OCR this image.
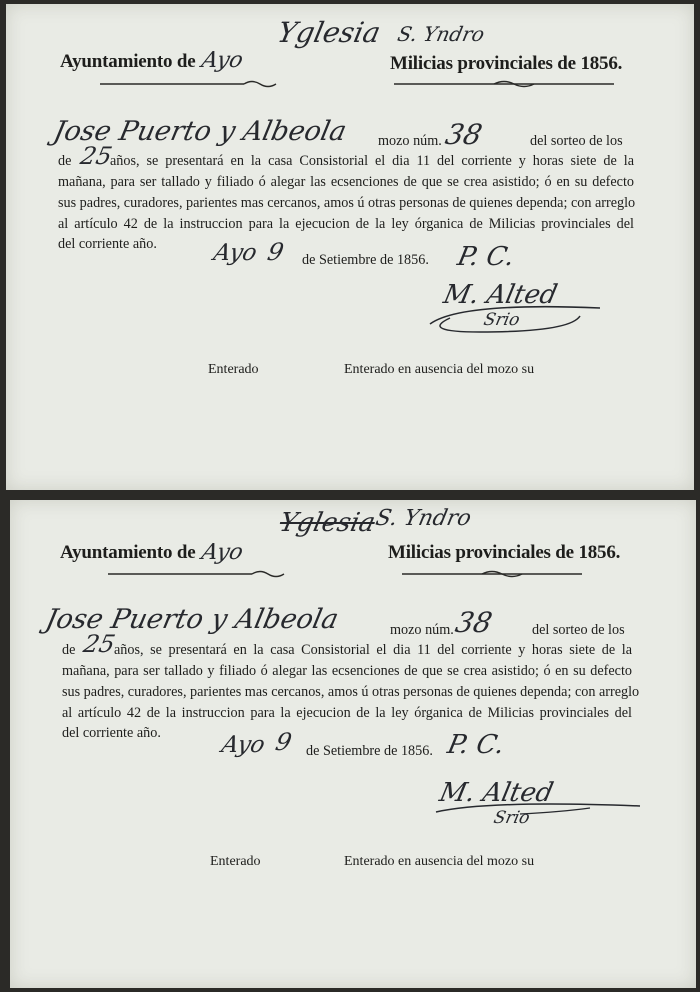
Ayuntamiento de Ayo
Yglesia S. Yndro
Milicias provinciales de 1856.
Jose Puerto y Albeola mozo núm. 38	del sorteo de los
de 25
años, se presentará en la casa Consistorial el dia 11 del corriente y horas siete de la
mañana, para ser tallado y filiado ó alegar las ecsenciones de que se crea asistido; ó en su defecto
sus padres, curadores, parientes mas cercanos, amos ú otras personas de quienes dependa; con arreglo
al artículo 42 de la instruccion para la ejecucion de la ley órganica de Milicias provinciales del
del corriente año.	Ayo 9 de Setiembre de 1856. P. C.
M. Alted
Srio
Enterado	Enterado en ausencia del mozo su
Ayuntamiento de Ayo
Yglesia
S. Yndro
Milicias provinciales de 1856.
Jose Puerto y Albeola	mozo núm.
38	del sorteo de los
de 25
años, se presentará en la casa Consistorial el dia 11 del corriente y horas siete de la
mañana, para ser tallado y filiado ó alegar las ecsenciones de que se crea asistido; ó en su defecto
sus padres, curadores, parientes mas cercanos, amos ú otras personas de quienes dependa; con arreglo
al artículo 42 de la instruccion para la ejecucion de la ley órganica de Milicias provinciales del
del corriente año.	Ayo 9 de Setiembre de 1856. P. C.
M. Alted
Srio
Enterado	Enterado en ausencia del mozo su
